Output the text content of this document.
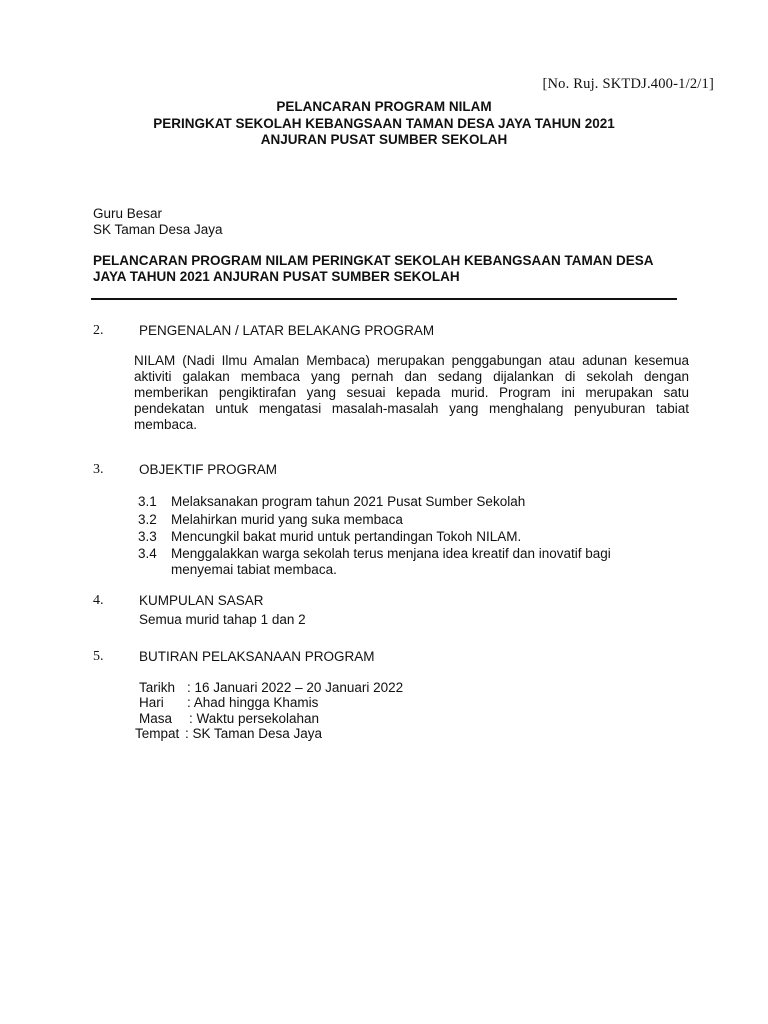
[No. Ruj. SKTDJ.400-1/2/1]
PELANCARAN PROGRAM NILAM
PERINGKAT SEKOLAH KEBANGSAAN TAMAN DESA JAYA TAHUN 2021
ANJURAN PUSAT SUMBER SEKOLAH
Guru Besar
SK Taman Desa Jaya
PELANCARAN PROGRAM NILAM PERINGKAT SEKOLAH KEBANGSAAN TAMAN DESA
JAYA TAHUN 2021 ANJURAN PUSAT SUMBER SEKOLAH
2.	PENGENALAN / LATAR BELAKANG PROGRAM
NILAM (Nadi Ilmu Amalan Membaca) merupakan penggabungan atau adunan kesemua aktiviti galakan membaca yang pernah dan sedang dijalankan di sekolah dengan memberikan pengiktirafan yang sesuai kepada murid. Program ini merupakan satu pendekatan untuk mengatasi masalah-masalah yang menghalang penyuburan tabiat membaca.
3.	OBJEKTIF PROGRAM
3.1 Melaksanakan program tahun 2021 Pusat Sumber Sekolah
3.2 Melahirkan murid yang suka membaca
3.3 Mencungkil bakat murid untuk pertandingan Tokoh NILAM.
3.4 Menggalakkan warga sekolah terus menjana idea kreatif dan inovatif bagi
menyemai tabiat membaca.
4.	KUMPULAN SASAR
Semua murid tahap 1 dan 2
5.	BUTIRAN PELAKSANAAN PROGRAM
Tarikh : 16 Januari 2022 – 20 Januari 2022
Hari : Ahad hingga Khamis
Masa : Waktu persekolahan
Tempat : SK Taman Desa Jaya
